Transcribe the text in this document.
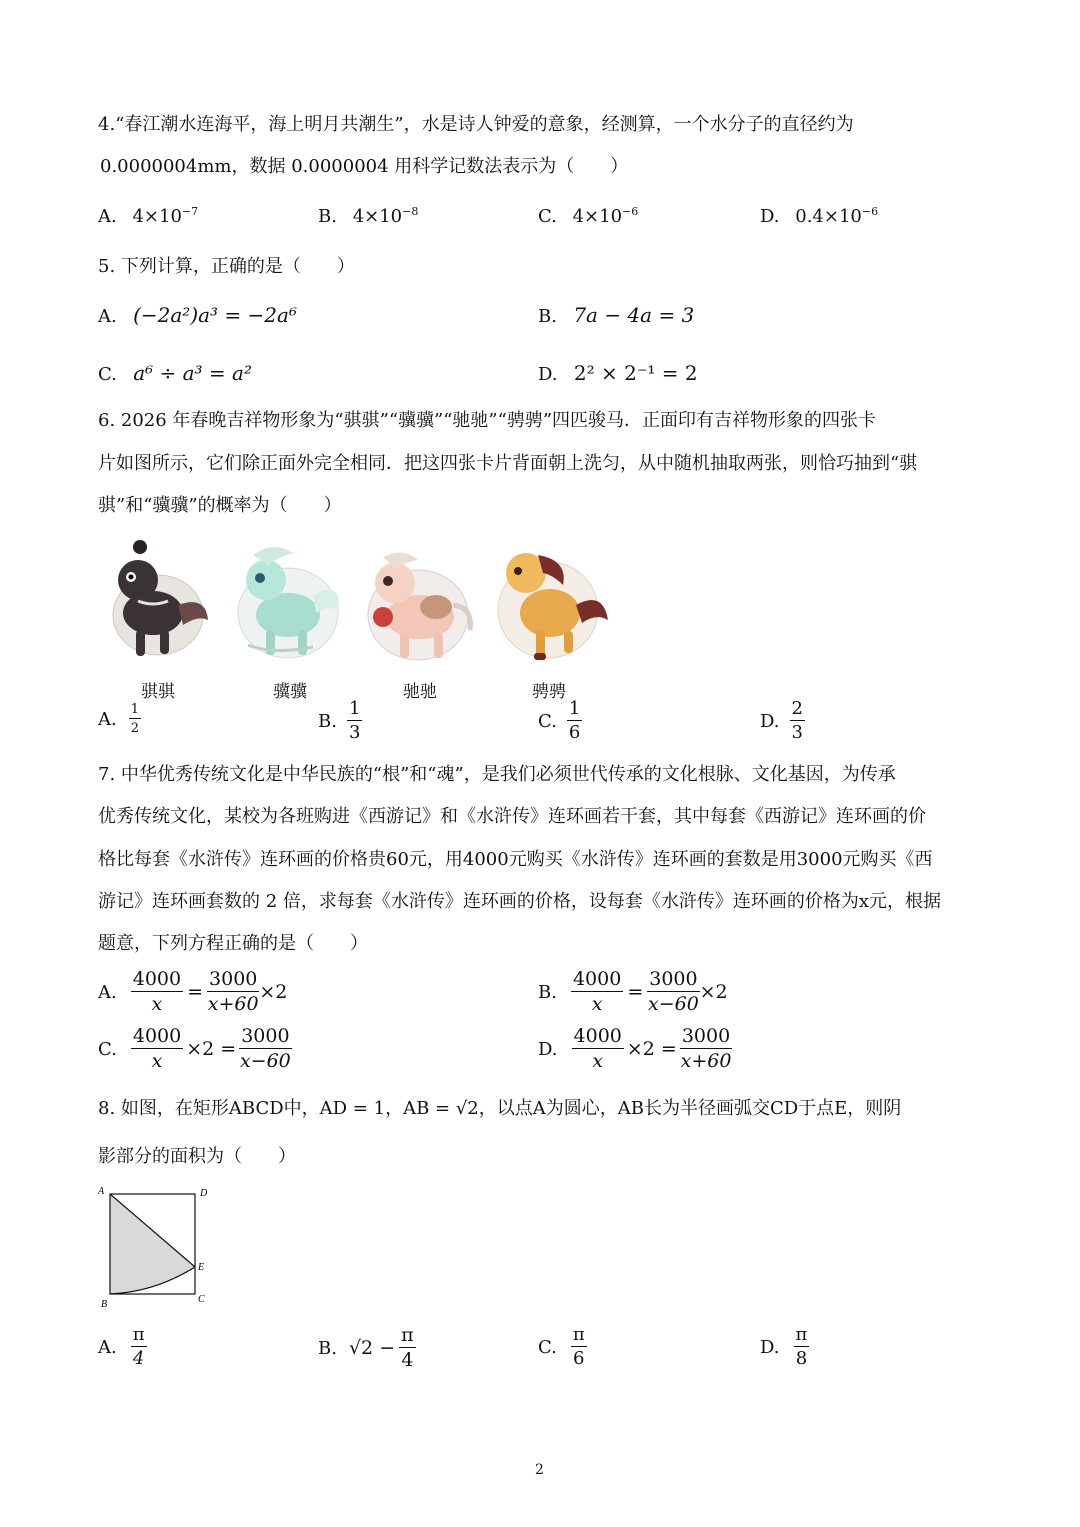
4.“春江潮水连海平，海上明月共潮生”，水是诗人钟爱的意象，经测算，一个水分子的直径约为
0.0000004mm，数据 0.0000004 用科学记数法表示为（　　）
A. $4\times 10^{-7}$	B. $4\times 10^{-8}$	C. $4\times 10^{-6}$	D. $0.4\times 10^{-6}$
5. 下列计算，正确的是（　　）
A. (−2a²)a³ = −2a⁶	B. 7a − 4a = 3
C. a⁶ ÷ a³ = a²	D. 2² × 2⁻¹ = 2
6. 2026 年春晚吉祥物形象为“骐骐”“骥骥”“驰驰”“骋骋”四匹骏马．正面印有吉祥物形象的四张卡
片如图所示，它们除正面外完全相同．把这四张卡片背面朝上洗匀，从中随机抽取两张，则恰巧抽到“骐
骐”和“骥骥”的概率为（　　）
骐骐	骥骥	驰驰	骋骋
A. $\frac{1}{2}$	B. $\frac{1}{3}$	C. $\frac{1}{6}$	D. $\frac{2}{3}$
7. 中华优秀传统文化是中华民族的“根”和“魂”，是我们必须世代传承的文化根脉、文化基因，为传承
优秀传统文化，某校为各班购进《西游记》和《水浒传》连环画若干套，其中每套《西游记》连环画的价
格比每套《水浒传》连环画的价格贵60元，用4000元购买《水浒传》连环画的套数是用3000元购买《西
游记》连环画套数的 2 倍，求每套《水浒传》连环画的价格，设每套《水浒传》连环画的价格为x元，根据
题意，下列方程正确的是（　　）
A. $\frac{4000}{x} = \frac{3000}{x+60} \times 2$	B. $\frac{4000}{x} = \frac{3000}{x-60} \times 2$
C. $\frac{4000}{x} \times 2 = \frac{3000}{x-60}$	D. $\frac{4000}{x} \times 2 = \frac{3000}{x+60}$
8. 如图，在矩形ABCD中，AD = 1，AB = √2，以点A为圆心，AB长为半径画弧交CD于点E，则阴
影部分的面积为（　　）
A	D
E
B	C
A. $\frac{\pi}{4}$	B. $√2 - \frac{\pi}{4}$	C. $\frac{\pi}{6}$	D. $\frac{\pi}{8}$
2
